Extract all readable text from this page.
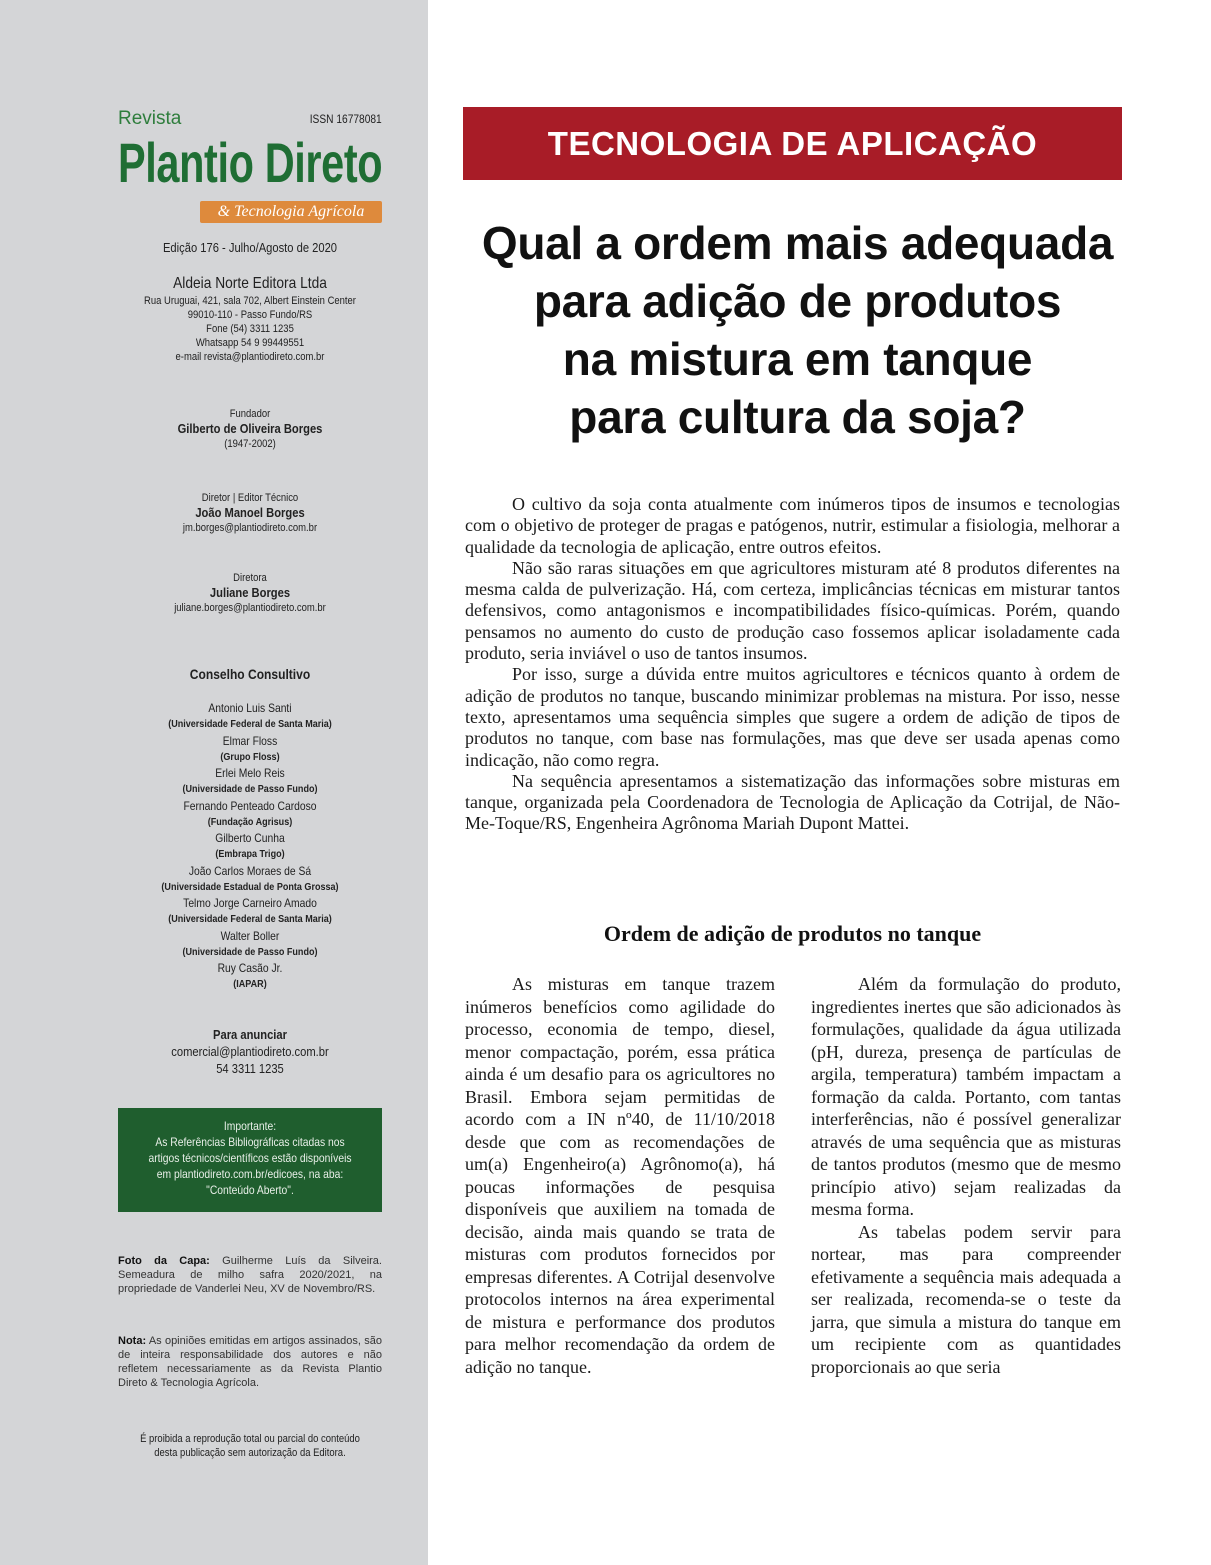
Revista	ISSN 16778081
Plantio Direto
& Tecnologia Agrícola
Edição 176 - Julho/Agosto de 2020
Aldeia Norte Editora Ltda
Rua Uruguai, 421, sala 702, Albert Einstein Center
99010-110 - Passo Fundo/RS
Fone (54) 3311 1235
Whatsapp 54 9 99449551
e-mail revista@plantiodireto.com.br
Fundador
Gilberto de Oliveira Borges
(1947-2002)
Diretor | Editor Técnico
João Manoel Borges
jm.borges@plantiodireto.com.br
Diretora
Juliane Borges
juliane.borges@plantiodireto.com.br
Conselho Consultivo
Antonio Luis Santi
(Universidade Federal de Santa Maria)
Elmar Floss
(Grupo Floss)
Erlei Melo Reis
(Universidade de Passo Fundo)
Fernando Penteado Cardoso
(Fundação Agrisus)
Gilberto Cunha
(Embrapa Trigo)
João Carlos Moraes de Sá
(Universidade Estadual de Ponta Grossa)
Telmo Jorge Carneiro Amado
(Universidade Federal de Santa Maria)
Walter Boller
(Universidade de Passo Fundo)
Ruy Casão Jr.
(IAPAR)
Para anunciar
comercial@plantiodireto.com.br
54 3311 1235
Importante:
As Referências Bibliográficas citadas nos
artigos técnicos/científicos estão disponíveis
em plantiodireto.com.br/edicoes, na aba:
"Conteúdo Aberto".
Foto da Capa: Guilherme Luís da Silveira. Semeadura de milho safra 2020/2021, na propriedade de Vanderlei Neu, XV de Novembro/RS.
Nota: As opiniões emitidas em artigos assinados, são de inteira responsabilidade dos autores e não refletem necessariamente as da Revista Plantio Direto & Tecnologia Agrícola.
É proibida a reprodução total ou parcial do conteúdo
desta publicação sem autorização da Editora.
TECNOLOGIA DE APLICAÇÃO
Qual a ordem mais adequada
para adição de produtos
na mistura em tanque
para cultura da soja?

O cultivo da soja conta atualmente com inúmeros tipos de insumos e tecnologias com o objetivo de proteger de pragas e patógenos, nutrir, estimular a fisiologia, melhorar a qualidade da tecnologia de aplicação, entre outros efeitos.

Não são raras situações em que agricultores misturam até 8 produtos diferentes na mesma calda de pulverização. Há, com certeza, implicâncias técnicas em misturar tantos defensivos, como antagonismos e incompatibilidades físico-químicas. Porém, quando pensamos no aumento do custo de produção caso fossemos aplicar isoladamente cada produto, seria inviável o uso de tantos insumos.

Por isso, surge a dúvida entre muitos agricultores e técnicos quanto à ordem de adição de produtos no tanque, buscando minimizar problemas na mistura. Por isso, nesse texto, apresentamos uma sequência simples que sugere a ordem de adição de tipos de produtos no tanque, com base nas formulações, mas que deve ser usada apenas como indicação, não como regra.

Na sequência apresentamos a sistematização das informações sobre misturas em tanque, organizada pela Coordenadora de Tecnologia de Aplicação da Cotrijal, de Não-Me-Toque/RS, Engenheira Agrônoma Mariah Dupont Mattei.

Ordem de adição de produtos no tanque

As misturas em tanque trazem inúmeros benefícios como agilidade do processo, economia de tempo, diesel, menor compactação, porém, essa prática ainda é um desafio para os agricultores no Brasil. Embora sejam permitidas de acordo com a IN nº40, de 11/10/2018 desde que com as recomendações de um(a) Engenheiro(a) Agrônomo(a), há poucas informações de pesquisa disponíveis que auxiliem na tomada de decisão, ainda mais quando se trata de misturas com produtos fornecidos por empresas diferentes. A Cotrijal desenvolve protocolos internos na área experimental de mistura e performance dos produtos para melhor recomendação da ordem de adição no tanque.

Além da formulação do produto, ingredientes inertes que são adicionados às formulações, qualidade da água utilizada (pH, dureza, presença de partículas de argila, temperatura) também impactam a formação da calda. Portanto, com tantas interferências, não é possível generalizar através de uma sequência que as misturas de tantos produtos (mesmo que de mesmo princípio ativo) sejam realizadas da mesma forma.

As tabelas podem servir para nortear, mas para compreender efetivamente a sequência mais adequada a ser realizada, recomenda-se o teste da jarra, que simula a mistura do tanque em um recipiente com as quantidades proporcionais ao que seria
